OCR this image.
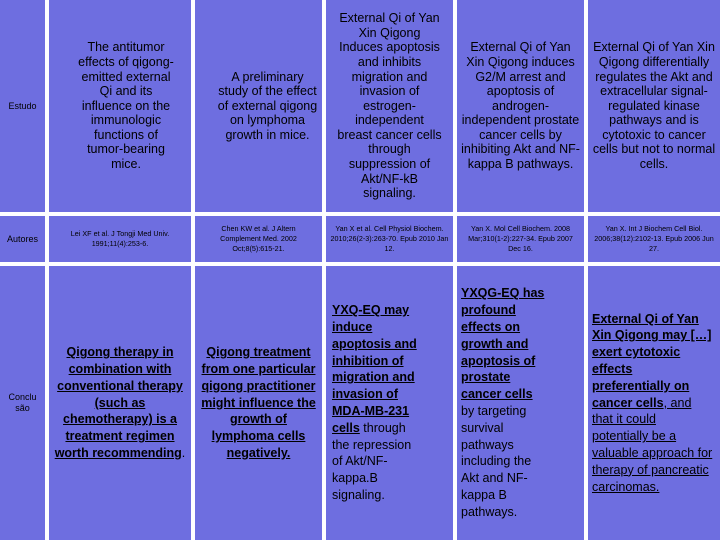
Estudo
The antitumor effects of qigong-emitted external Qi and its influence on the immunologic functions of tumor-bearing mice.
A preliminary study of the effect of external qigong on lymphoma growth in mice.
External Qi of Yan Xin Qigong Induces apoptosis and inhibits migration and invasion of estrogen-independent breast cancer cells through suppression of Akt/NF-kB signaling.
External Qi of Yan Xin Qigong induces G2/M arrest and apoptosis of androgen-independent prostate cancer cells by inhibiting Akt and NF-kappa B pathways.
External Qi of Yan Xin Qigong differentially regulates the Akt and extracellular signal-regulated kinase pathways and is cytotoxic to cancer cells but not to normal cells.
Autores
Lei XF et al. J Tongji Med Univ. 1991;11(4):253-6.
Chen KW et al. J Altern Complement Med. 2002 Oct;8(5):615-21.
Yan X et al. Cell Physiol Biochem. 2010;26(2-3):263-70. Epub 2010 Jan 12.
Yan X. Mol Cell Biochem. 2008 Mar;310(1-2):227-34. Epub 2007 Dec 16.
Yan X. Int J Biochem Cell Biol. 2006;38(12):2102-13. Epub 2006 Jun 27.
Conclu são
Qigong therapy in combination with conventional therapy (such as chemotherapy) is a treatment regimen worth recommending.
Qigong treatment from one particular qigong practitioner might influence the growth of lymphoma cells negatively.
YXQ-EQ may induce apoptosis and inhibition of migration and invasion of MDA-MB-231 cells through the repression of Akt/NF-kappa.B signaling.
YXQG-EQ has profound effects on growth and apoptosis of prostate cancer cells by targeting survival pathways including the Akt and NF-kappa B pathways.
External Qi of Yan Xin Qigong may […] exert cytotoxic effects preferentially on cancer cells, and that it could potentially be a valuable approach for therapy of pancreatic carcinomas.
